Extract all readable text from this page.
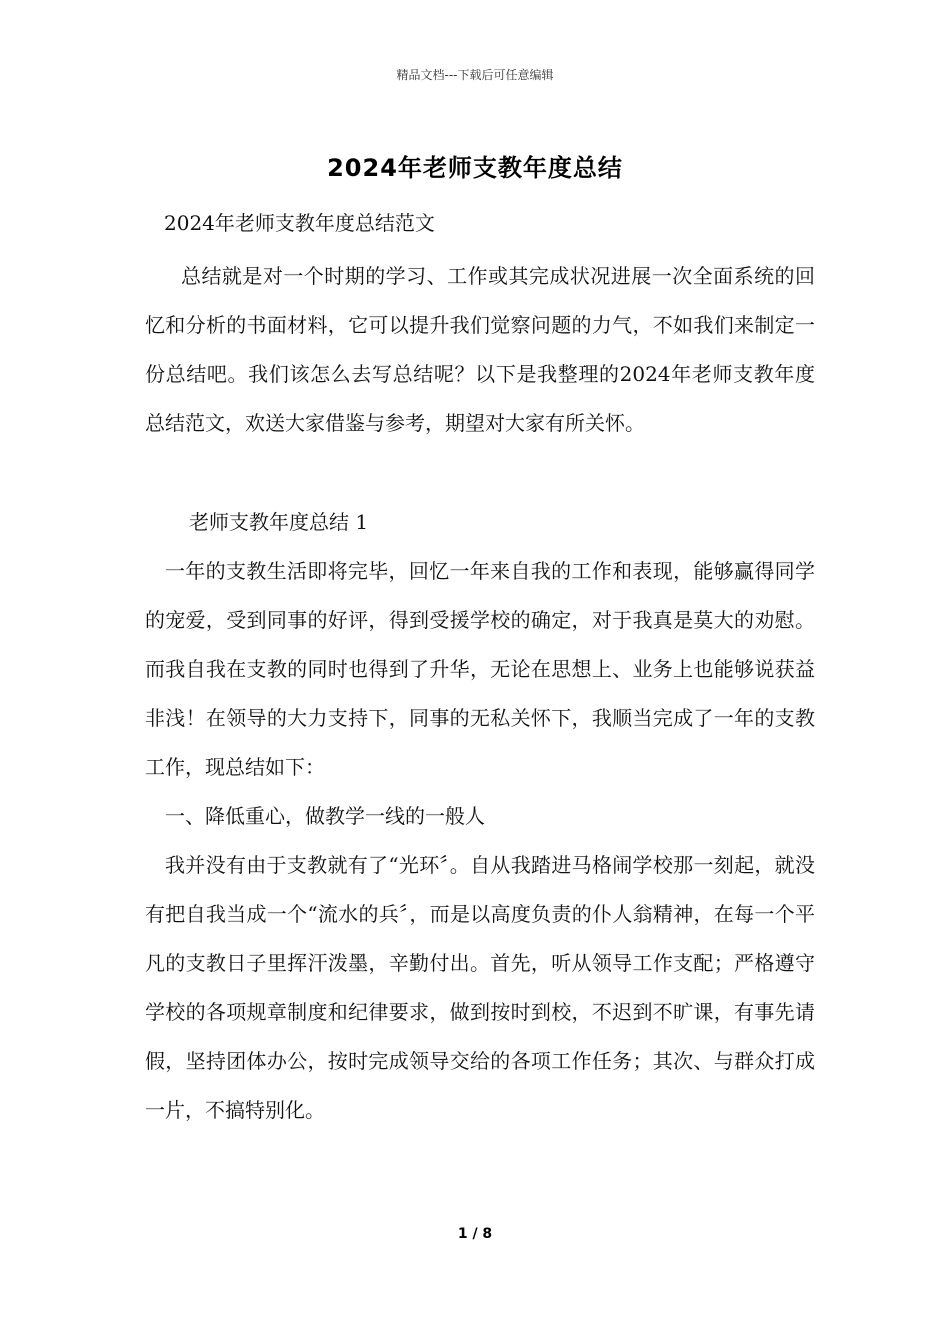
精品文档---下载后可任意编辑
2024年老师支教年度总结
2024年老师支教年度总结范文

总结就是对一个时期的学习、工作或其完成状况进展一次全面系统的回忆和分析的书面材料，它可以提升我们觉察问题的力气，不如我们来制定一份总结吧。我们该怎么去写总结呢？以下是我整理的2024年老师支教年度总结范文，欢送大家借鉴与参考，期望对大家有所关怀。

老师支教年度总结 1

一年的支教生活即将完毕，回忆一年来自我的工作和表现，能够赢得同学的宠爱，受到同事的好评，得到受援学校的确定，对于我真是莫大的劝慰。而我自我在支教的同时也得到了升华，无论在思想上、业务上也能够说获益非浅！在领导的大力支持下，同事的无私关怀下，我顺当完成了一年的支教工作，现总结如下：

一、降低重心，做教学一线的一般人

我并没有由于支教就有了“光环〞。自从我踏进马格闹学校那一刻起，就没有把自我当成一个“流水的兵〞，而是以高度负责的仆人翁精神，在每一个平凡的支教日子里挥汗泼墨，辛勤付出。首先，听从领导工作支配；严格遵守学校的各项规章制度和纪律要求，做到按时到校，不迟到不旷课，有事先请假，坚持团体办公，按时完成领导交给的各项工作任务；其次、与群众打成一片，不搞特别化。

1 / 8
